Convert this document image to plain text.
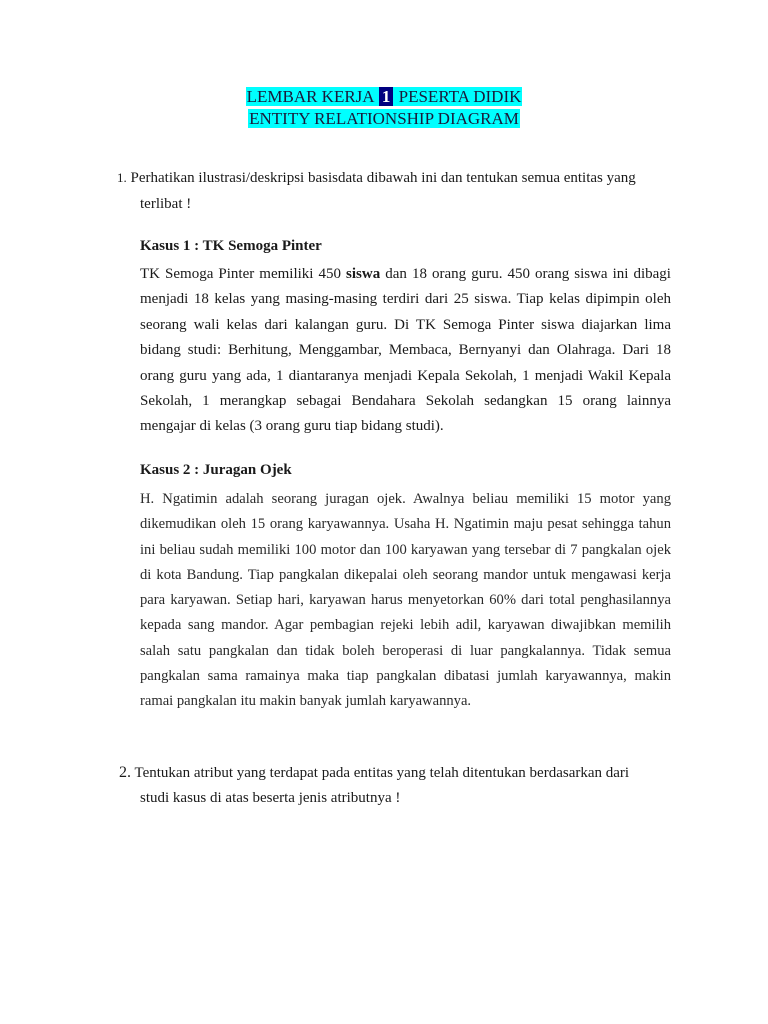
LEMBAR KERJA 1 PESERTA DIDIK
ENTITY RELATIONSHIP DIAGRAM
1. Perhatikan ilustrasi/deskripsi basisdata dibawah ini dan tentukan semua entitas yang
terlibat !
Kasus 1 : TK Semoga Pinter
TK Semoga Pinter memiliki 450 siswa dan 18 orang guru. 450 orang siswa ini dibagi menjadi 18 kelas yang masing-masing terdiri dari 25 siswa. Tiap kelas dipimpin oleh seorang wali kelas dari kalangan guru. Di TK Semoga Pinter siswa diajarkan lima bidang studi: Berhitung, Menggambar, Membaca, Bernyanyi dan Olahraga. Dari 18 orang guru yang ada, 1 diantaranya menjadi Kepala Sekolah, 1 menjadi Wakil Kepala Sekolah, 1 merangkap sebagai Bendahara Sekolah sedangkan 15 orang lainnya mengajar di kelas (3 orang guru tiap bidang studi).
Kasus 2 : Juragan Ojek
H. Ngatimin adalah seorang juragan ojek. Awalnya beliau memiliki 15 motor yang dikemudikan oleh 15 orang karyawannya. Usaha H. Ngatimin maju pesat sehingga tahun ini beliau sudah memiliki 100 motor dan 100 karyawan yang tersebar di 7 pangkalan ojek di kota Bandung. Tiap pangkalan dikepalai oleh seorang mandor untuk mengawasi kerja para karyawan. Setiap hari, karyawan harus menyetorkan 60% dari total penghasilannya kepada sang mandor. Agar pembagian rejeki lebih adil, karyawan diwajibkan memilih salah satu pangkalan dan tidak boleh beroperasi di luar pangkalannya. Tidak semua pangkalan sama ramainya maka tiap pangkalan dibatasi jumlah karyawannya, makin ramai pangkalan itu makin banyak jumlah karyawannya.
2. Tentukan atribut yang terdapat pada entitas yang telah ditentukan berdasarkan dari
studi kasus di atas beserta jenis atributnya !
